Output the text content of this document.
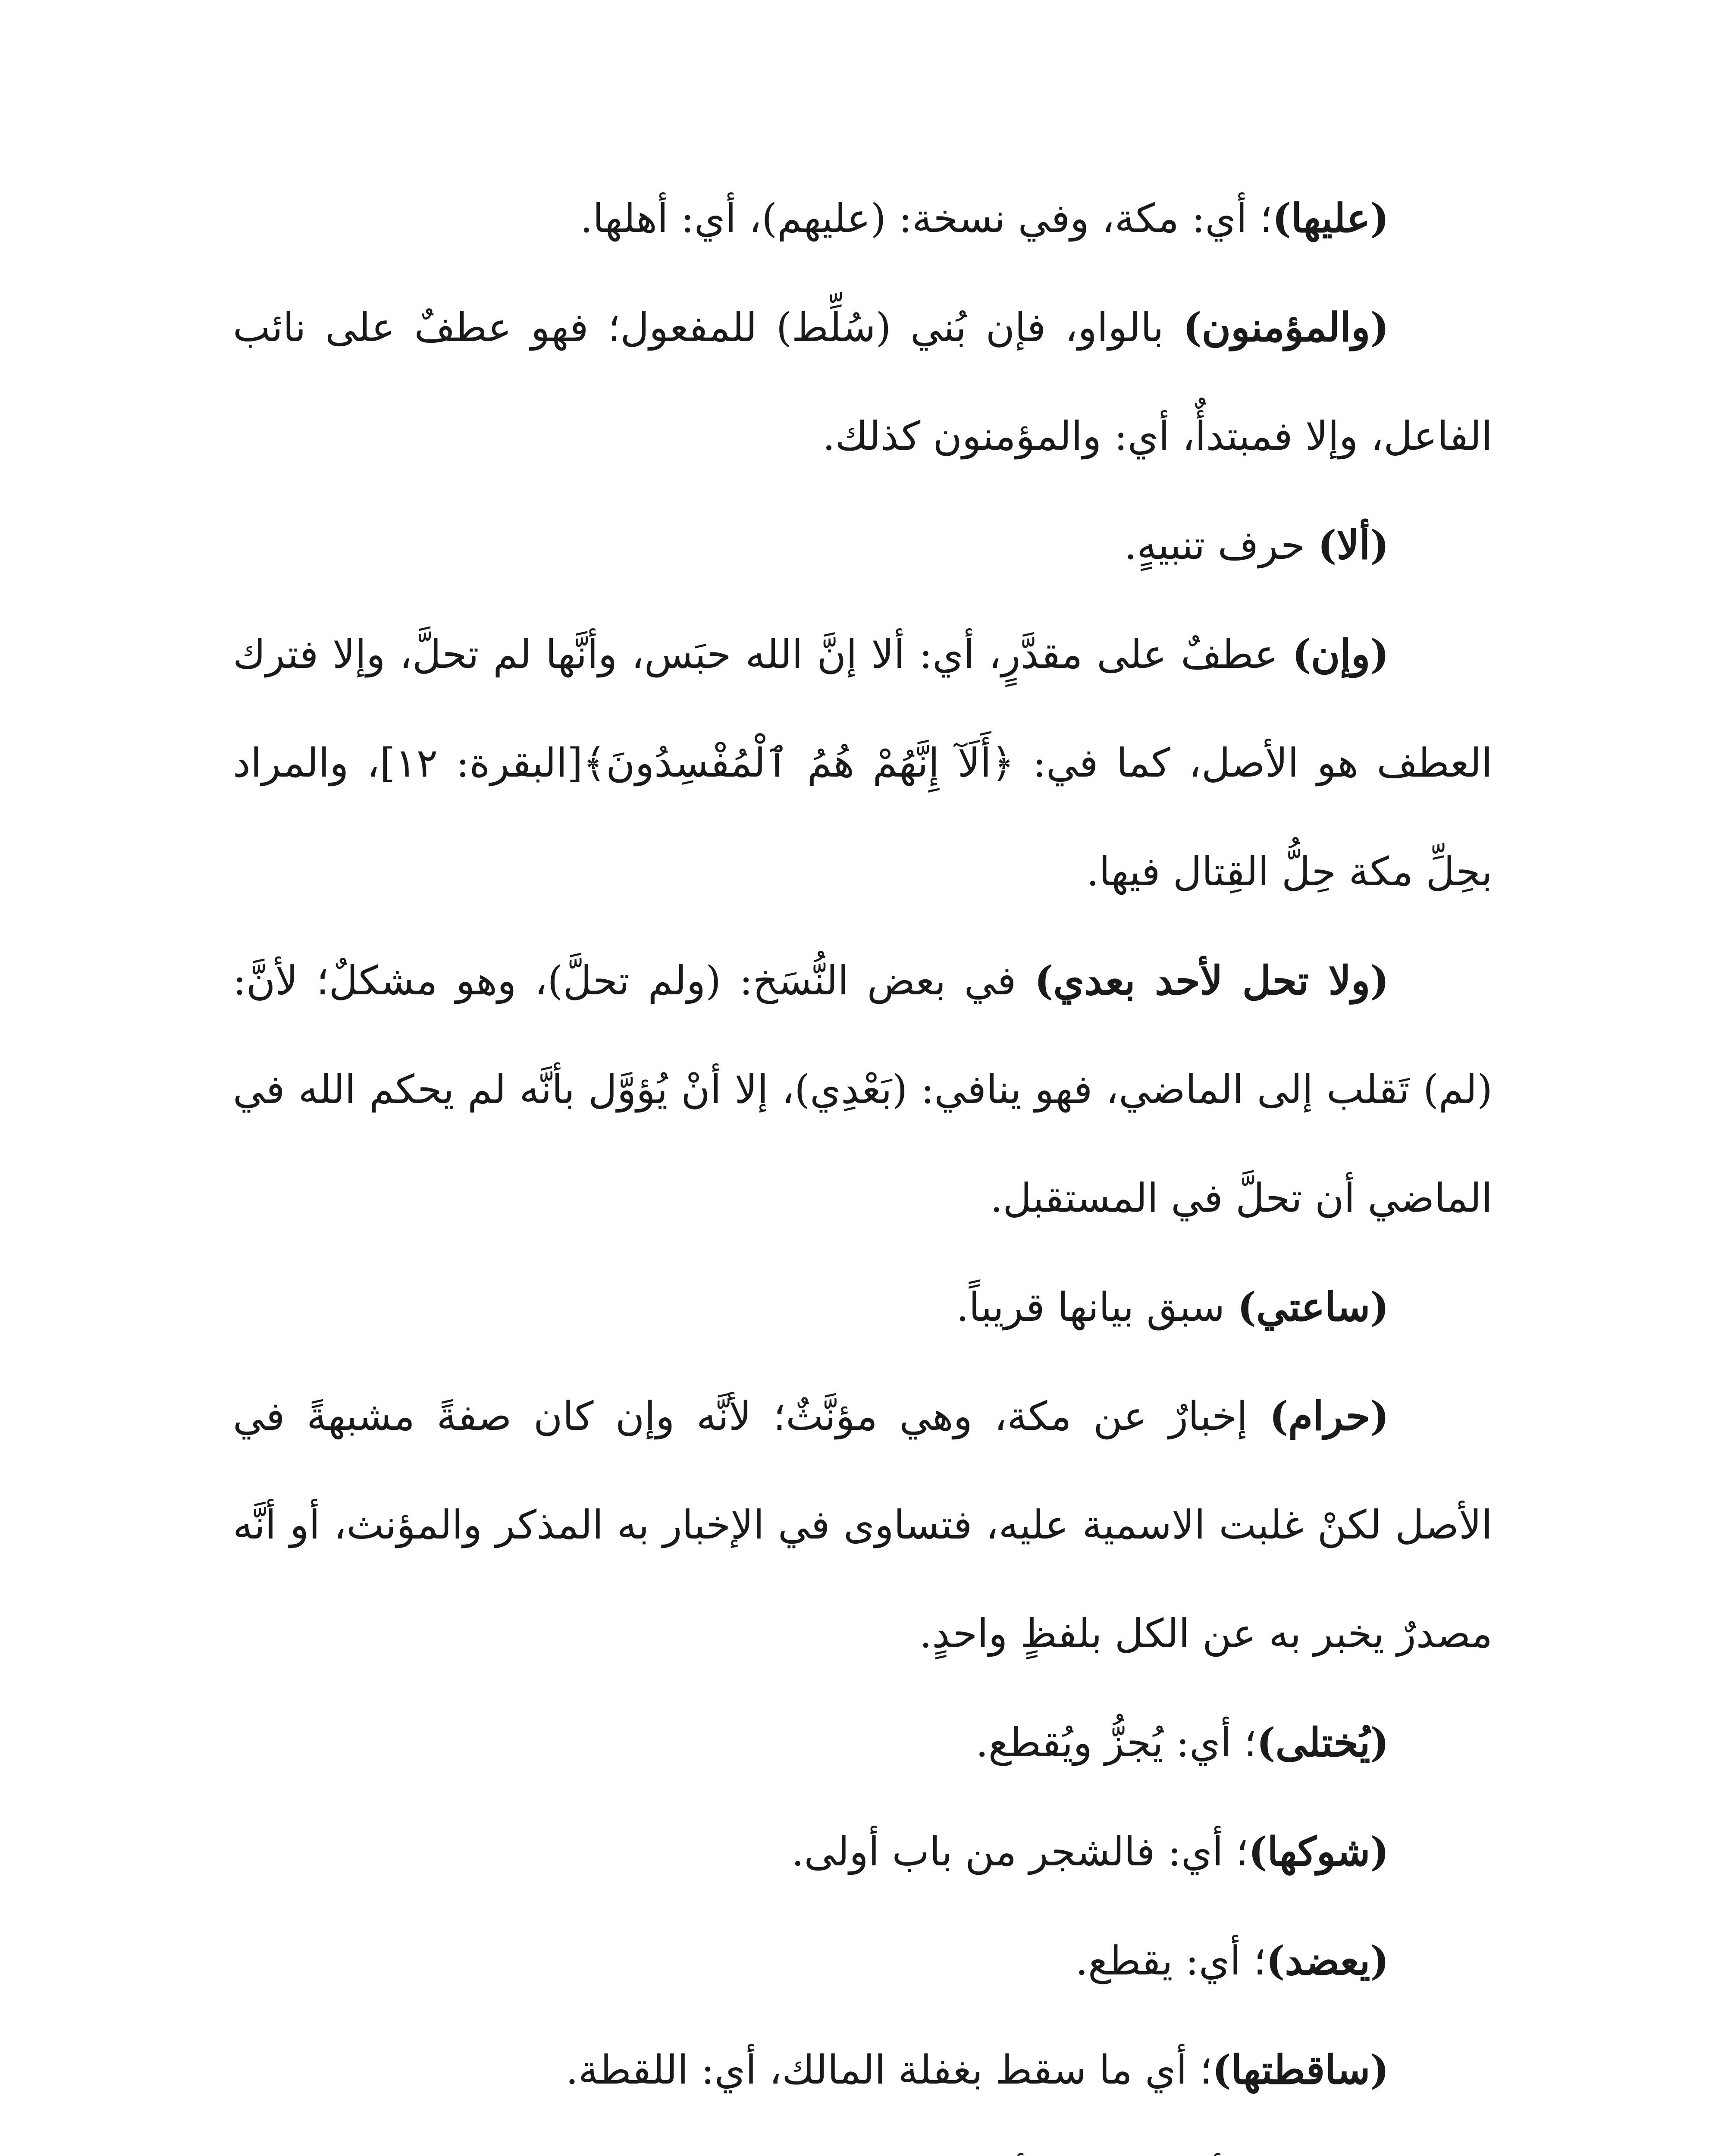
(عليها)؛ أي: مكة، وفي نسخة: (عليهم)، أي: أهلها.

(والمؤمنون) بالواو، فإن بُني (سُلِّط) للمفعول؛ فهو عطفٌ على نائب الفاعل، وإلا فمبتدأٌ، أي: والمؤمنون كذلك.

(ألا) حرف تنبيهٍ.

(وإن) عطفٌ على مقدَّرٍ، أي: ألا إنَّ الله حبَس، وأنَّها لم تحلَّ، وإلا فترك العطف هو الأصل، كما في: ﴿أَلَآ إِنَّهُمْ هُمُ ٱلْمُفْسِدُونَ﴾[البقرة: ١٢]، والمراد بحِلِّ مكة حِلُّ القِتال فيها.

(ولا تحل لأحد بعدي) في بعض النُّسَخ: (ولم تحلَّ)، وهو مشكلٌ؛ لأنَّ: (لم) تَقلب إلى الماضي، فهو ينافي: (بَعْدِي)، إلا أنْ يُؤوَّل بأنَّه لم يحكم الله في الماضي أن تحلَّ في المستقبل.

(ساعتي) سبق بيانها قريباً.

(حرام) إخبارٌ عن مكة، وهي مؤنَّثٌ؛ لأنَّه وإن كان صفةً مشبهةً في الأصل لكنْ غلبت الاسمية عليه، فتساوى في الإخبار به المذكر والمؤنث، أو أنَّه مصدرٌ يخبر به عن الكل بلفظٍ واحدٍ.

(يُختلى)؛ أي: يُجزُّ ويُقطع.

(شوكها)؛ أي: فالشجر من باب أولى.

(يعضد)؛ أي: يقطع.

(ساقطتها)؛ أي ما سقط بغفلة المالك، أي: اللقطة.
